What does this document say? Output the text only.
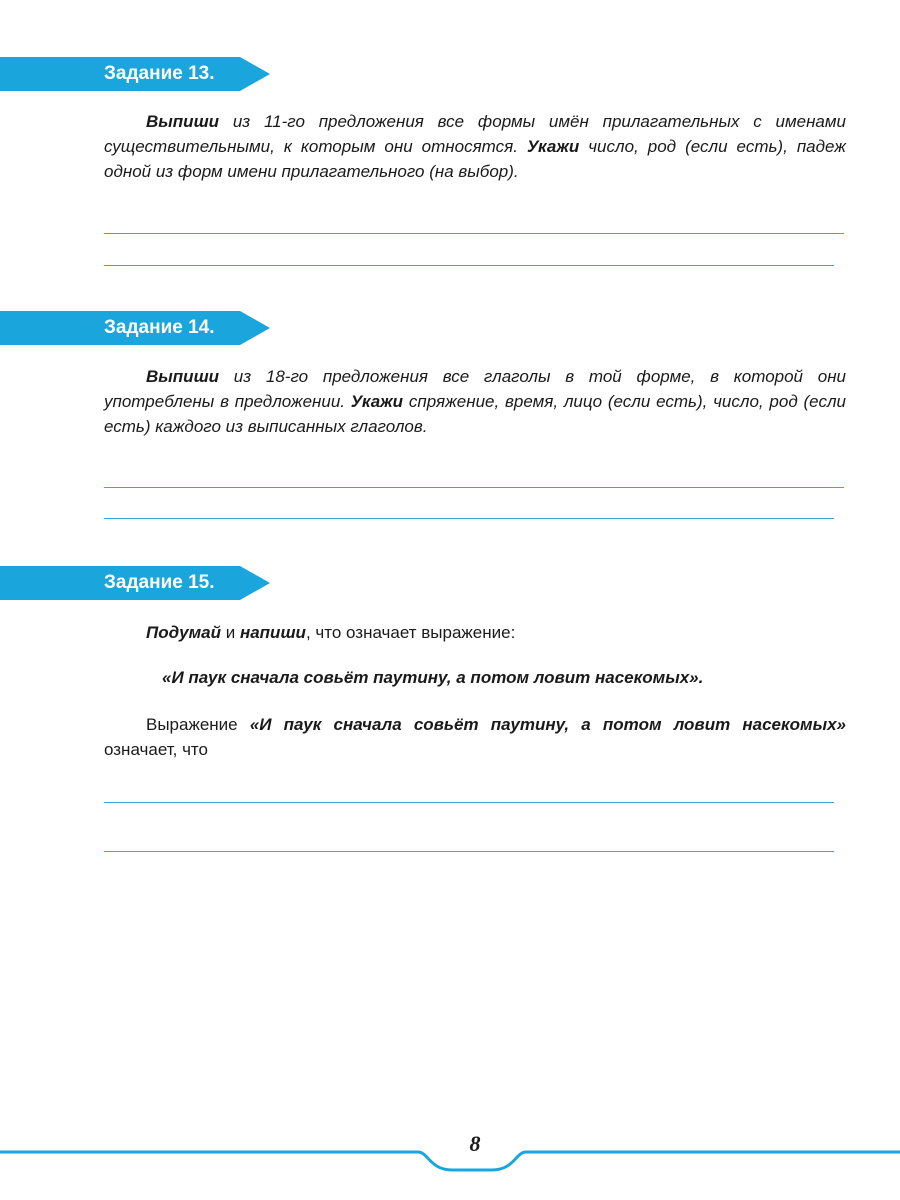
Задание 13.

Выпиши из 11-го предложения все формы имён прилагательных с именами существительными, к которым они относятся. Укажи число, род (если есть), падеж одной из форм имени прилагательного (на выбор).

Задание 14.

Выпиши из 18-го предложения все глаголы в той форме, в которой они употреблены в предложении. Укажи спряжение, время, лицо (если есть), число, род (если есть) каждого из выписанных глаголов.

Задание 15.

Подумай и напиши, что означает выражение:

«И паук сначала совьёт паутину, а потом ловит насекомых».

Выражение «И паук сначала совьёт паутину, а потом ловит насекомых» означает, что

8
